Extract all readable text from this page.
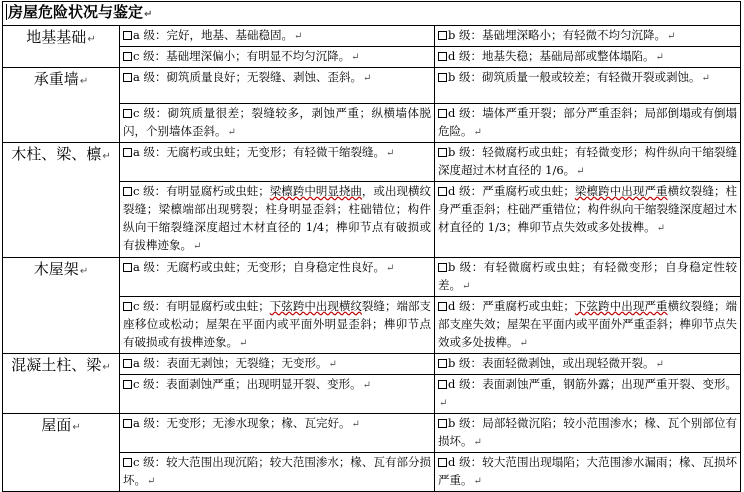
房屋危险状况与鉴定↵		
地基基础↵	a 级：完好，地基、基础稳固。↵	b 级：基础埋深略小；有轻微不均匀沉降。↵
	c 级：基础埋深偏小；有明显不均匀沉降。↵	d 级：地基失稳；基础局部或整体塌陷。↵
承重墙↵	a 级：砌筑质量良好；无裂缝、剥蚀、歪斜。↵	b 级：砌筑质量一般或较差；有轻微开裂或剥蚀。↵
	c 级：砌筑质量很差；裂缝较多，剥蚀严重；纵横墙体脱闪，个别墙体歪斜。↵	d 级：墙体严重开裂；部分严重歪斜；局部倒塌或有倒塌危险。↵
木柱、梁、檩↵	a 级：无腐朽或虫蛀；无变形；有轻微干缩裂缝。↵	b 级：轻微腐朽或虫蛀；有轻微变形；构件纵向干缩裂缝深度超过木材直径的 1/6。↵
	c 级：有明显腐朽或虫蛀；梁檩跨中明显挠曲，或出现横纹裂缝；梁檩端部出现劈裂；柱身明显歪斜；柱础错位；构件纵向干缩裂缝深度超过木材直径的 1/4；榫卯节点有破损或有拔榫迹象。↵	d 级：严重腐朽或虫蛀；梁檩跨中出现严重横纹裂缝；柱身严重歪斜；柱础严重错位；构件纵向干缩裂缝深度超过木材直径的 1/3；榫卯节点失效或多处拔榫。↵
木屋架↵	a 级：无腐朽或虫蛀；无变形；自身稳定性良好。↵	b 级：有轻微腐朽或虫蛀；有轻微变形；自身稳定性较差。↵
	c 级：有明显腐朽或虫蛀；下弦跨中出现横纹裂缝；端部支座移位或松动；屋架在平面内或平面外明显歪斜；榫卯节点有破损或有拔榫迹象。↵	d 级：严重腐朽或虫蛀；下弦跨中出现严重横纹裂缝；端部支座失效；屋架在平面内或平面外严重歪斜；榫卯节点失效或多处拔榫。↵
混凝土柱、梁↵	a 级：表面无剥蚀；无裂缝；无变形。↵	b 级：表面轻微剥蚀，或出现轻微开裂。↵
	c 级：表面剥蚀严重；出现明显开裂、变形。↵	d 级：表面剥蚀严重，钢筋外露；出现严重开裂、变形。↵
屋面↵	a 级：无变形；无渗水现象；椽、瓦完好。↵	b 级：局部轻微沉陷；较小范围渗水；椽、瓦个别部位有损坏。↵
	c 级：较大范围出现沉陷；较大范围渗水；椽、瓦有部分损坏。↵	d 级：较大范围出现塌陷；大范围渗水漏雨；椽、瓦损坏严重。↵
